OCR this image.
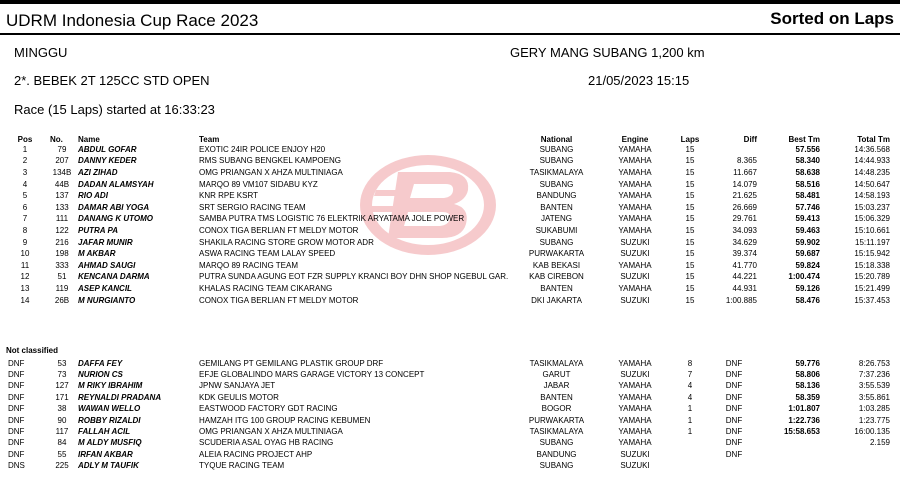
UDRM Indonesia Cup Race 2023	Sorted on Laps
MINGGU	GERY MANG SUBANG 1,200 km
2*. BEBEK 2T 125CC STD OPEN	21/05/2023 15:15
Race (15 Laps) started at 16:33:23
Pos	No.	Name	Team	National	Engine	Laps	Diff	Best Tm	Total Tm	
1	79	ABDUL GOFAR	EXOTIC 24IR POLICE ENJOY H20	SUBANG	YAMAHA	15		57.556	14:36.568	
2	207	DANNY KEDER	RMS SUBANG BENGKEL KAMPOENG	SUBANG	YAMAHA	15	8.365	58.340	14:44.933	
3	134B	AZI ZIHAD	OMG PRIANGAN X AHZA MULTINIAGA	TASIKMALAYA	YAMAHA	15	11.667	58.638	14:48.235	
4	44B	DADAN ALAMSYAH	MARQO 89 VM107 SIDABU KYZ	SUBANG	YAMAHA	15	14.079	58.516	14:50.647	
5	137	RIO ADI	KNR RPE KSRT	BANDUNG	YAMAHA	15	21.625	58.481	14:58.193	
6	133	DAMAR ABI YOGA	SRT SERGIO RACING TEAM	BANTEN	YAMAHA	15	26.669	57.746	15:03.237	
7	111	DANANG K UTOMO	SAMBA PUTRA TMS LOGISTIC 76 ELEKTRIK ARYATAMA JOLE POWER	JATENG	YAMAHA	15	29.761	59.413	15:06.329	
8	122	PUTRA PA	CONOX TIGA BERLIAN FT MELDY MOTOR	SUKABUMI	YAMAHA	15	34.093	59.463	15:10.661	
9	216	JAFAR MUNIR	SHAKILA RACING STORE GROW MOTOR ADR	SUBANG	SUZUKI	15	34.629	59.902	15:11.197	
10	198	M AKBAR	ASWA RACING TEAM LALAY SPEED	PURWAKARTA	SUZUKI	15	39.374	59.687	15:15.942	
11	333	AHMAD SAUGI	MARQO 89 RACING TEAM	KAB BEKASI	YAMAHA	15	41.770	59.824	15:18.338	
12	51	KENCANA DARMA	PUTRA SUNDA AGUNG EOT FZR SUPPLY KRANCI BOY DHN SHOP NGEBUL GAR.	KAB CIREBON	SUZUKI	15	44.221	1:00.474	15:20.789	
13	119	ASEP KANCIL	KHALAS RACING TEAM CIKARANG	BANTEN	YAMAHA	15	44.931	59.126	15:21.499	
14	26B	M NURGIANTO	CONOX TIGA BERLIAN FT MELDY MOTOR	DKI JAKARTA	SUZUKI	15	1:00.885	58.476	15:37.453	
Not classified
DNF	53	DAFFA FEY	GEMILANG PT GEMILANG PLASTIK GROUP DRF	TASIKMALAYA	YAMAHA	8	DNF	59.776	8:26.753	
DNF	73	NURION CS	EFJE GLOBALINDO MARS GARAGE VICTORY 13 CONCEPT	GARUT	SUZUKI	7	DNF	58.806	7:37.236	
DNF	127	M RIKY IBRAHIM	JPNW SANJAYA JET	JABAR	YAMAHA	4	DNF	58.136	3:55.539	
DNF	171	REYNALDI PRADANA	KDK GEULIS MOTOR	BANTEN	YAMAHA	4	DNF	58.359	3:55.861	
DNF	38	WAWAN WELLO	EASTWOOD FACTORY GDT RACING	BOGOR	YAMAHA	1	DNF	1:01.807	1:03.285	
DNF	90	ROBBY RIZALDI	HAMZAH ITG 100 GROUP RACING KEBUMEN	PURWAKARTA	YAMAHA	1	DNF	1:22.736	1:23.775	
DNF	117	FALLAH ACIL	OMG PRIANGAN X AHZA MULTINIAGA	TASIKMALAYA	YAMAHA	1	DNF	15:58.653	16:00.135	
DNF	84	M ALDY MUSFIQ	SCUDERIA ASAL OYAG HB RACING	SUBANG	YAMAHA		DNF		2.159	
DNF	55	IRFAN AKBAR	ALEIA RACING PROJECT AHP	BANDUNG	SUZUKI		DNF			
DNS	225	ADLY M TAUFIK	TYQUE RACING TEAM	SUBANG	SUZUKI					
